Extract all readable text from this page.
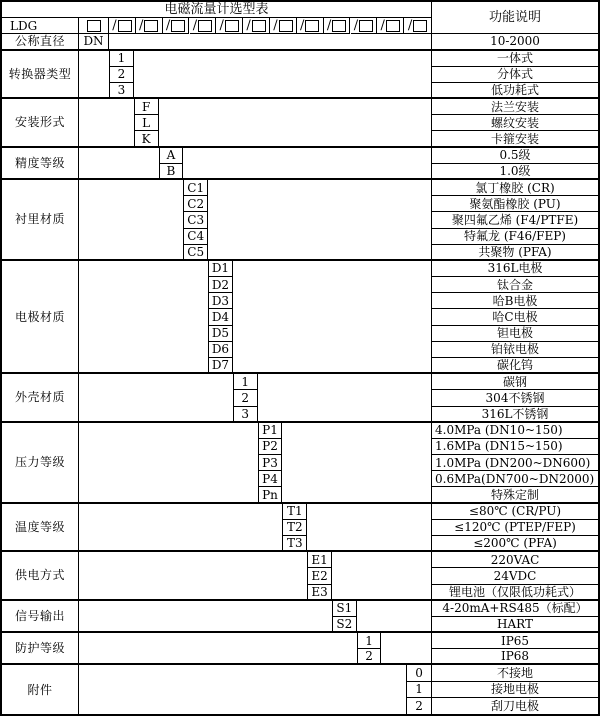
电磁流量计选型表
功能说明
LDG	/ / / / / / / / / / / /
公称直径	DN	10-2000
转换器类型
1	一体式
2	分体式
3	低功耗式
安装形式
F	法兰安装
L	螺纹安装
K	卡箍安装
精度等级
A	0.5级
B	1.0级
衬里材质
C1	氯丁橡胶 (CR)
C2	聚氨酯橡胶 (PU)
C3	聚四氟乙烯 (F4/PTFE)
C4	特氟龙 (F46/FEP)
C5	共聚物 (PFA)
电极材质
D1	316L电极
D2	钛合金
D3	哈B电极
D4	哈C电极
D5	钽电极
D6	铂铱电极
D7	碳化钨
外壳材质
1	碳钢
2	304不锈钢
3	316L不锈钢
压力等级
P1	4.0MPa (DN10~150)
P2	1.6MPa (DN15~150)
P3	1.0MPa (DN200~DN600)
P4	0.6MPa(DN700~DN2000)
Pn	特殊定制
温度等级
T1	≤80℃ (CR/PU)
T2	≤120℃ (PTEP/FEP)
T3	≤200℃ (PFA)
供电方式
E1	220VAC
E2	24VDC
E3	锂电池（仅限低功耗式）
信号输出
S1	4-20mA+RS485（标配）
S2	HART
防护等级
1	IP65
2	IP68
附件
0	不接地
1	接地电极
2	刮刀电极
